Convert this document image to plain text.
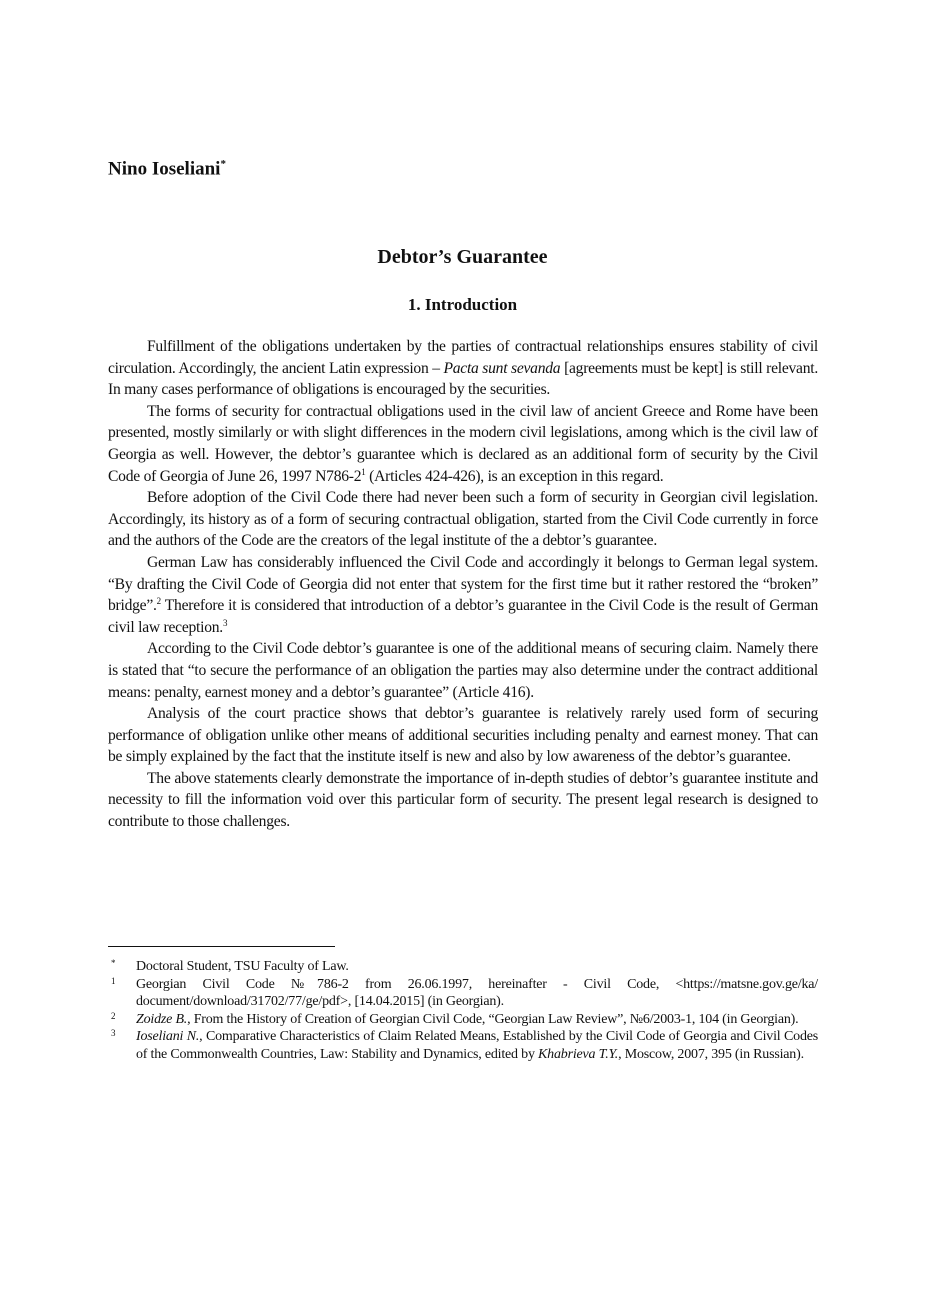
Nino Ioseliani*
Debtor’s Guarantee
1. Introduction

Fulfillment of the obligations undertaken by the parties of contractual relationships ensures stability of civil circulation. Accordingly, the ancient Latin expression – Pacta sunt sevanda [agreements must be kept] is still relevant. In many cases performance of obligations is encouraged by the securities.

The forms of security for contractual obligations used in the civil law of ancient Greece and Rome have been presented, mostly similarly or with slight differences in the modern civil legislations, among which is the civil law of Georgia as well. However, the debtor’s guarantee which is declared as an additional form of security by the Civil Code of Georgia of June 26, 1997 $N786-2^1$ (Articles 424-426), is an exception in this regard.

Before adoption of the Civil Code there had never been such a form of security in Georgian civil legislation. Accordingly, its history as of a form of securing contractual obligation, started from the Civil Code currently in force and the authors of the Code are the creators of the legal institute of the a debtor’s guarantee.

German Law has considerably influenced the Civil Code and accordingly it belongs to German legal system. “By drafting the Civil Code of Georgia did not enter that system for the first time but it rather restored the “broken” bridge”.$^2$ Therefore it is considered that introduction of a debtor’s guarantee in the Civil Code is the result of German civil law reception.$^3$

According to the Civil Code debtor’s guarantee is one of the additional means of securing claim. Namely there is stated that “to secure the performance of an obligation the parties may also determine under the contract additional means: penalty, earnest money and a debtor’s guarantee” (Article 416).

Analysis of the court practice shows that debtor’s guarantee is relatively rarely used form of securing performance of obligation unlike other means of additional securities including penalty and earnest money. That can be simply explained by the fact that the institute itself is new and also by low awareness of the debtor’s guarantee.

The above statements clearly demonstrate the importance of in-depth studies of debtor’s guarantee institute and necessity to fill the information void over this particular form of security. The present legal research is designed to contribute to those challenges.

* Doctoral Student, TSU Faculty of Law.
1 Georgian Civil Code №786-2 from 26.06.1997, hereinafter - Civil Code, <https://matsne.gov.ge/ka/ document/download/31702/77/ge/pdf>, [14.04.2015] (in Georgian).
2 Zoidze B., From the History of Creation of Georgian Civil Code, “Georgian Law Review”, №6/2003-1, 104 (in Georgian).
3 Ioseliani N., Comparative Characteristics of Claim Related Means, Established by the Civil Code of Georgia and Civil Codes of the Commonwealth Countries, Law: Stability and Dynamics, edited by Khabrieva T.Y., Moscow, 2007, 395 (in Russian).
